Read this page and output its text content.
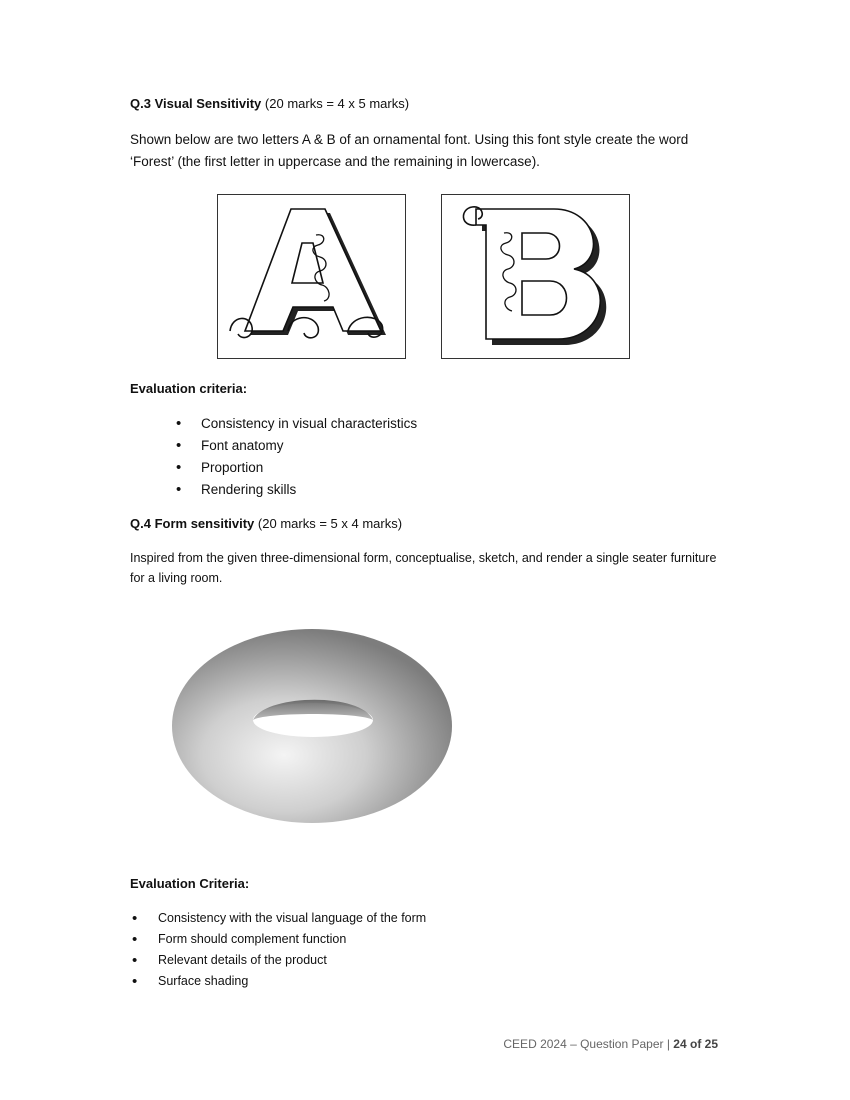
Q.3 Visual Sensitivity (20 marks = 4 x 5 marks)
Shown below are two letters A & B of an ornamental font. Using this font style create the word ‘Forest’ (the first letter in uppercase and the remaining in lowercase).
A
Evaluation criteria:
• Consistency in visual characteristics
• Font anatomy
• Proportion
• Rendering skills
Q.4 Form sensitivity (20 marks = 5 x 4 marks)
Inspired from the given three-dimensional form, conceptualise, sketch, and render a single seater furniture for a living room.
Evaluation Criteria:
• Consistency with the visual language of the form
• Form should complement function
• Relevant details of the product
• Surface shading
CEED 2024 – Question Paper | 24 of 25
